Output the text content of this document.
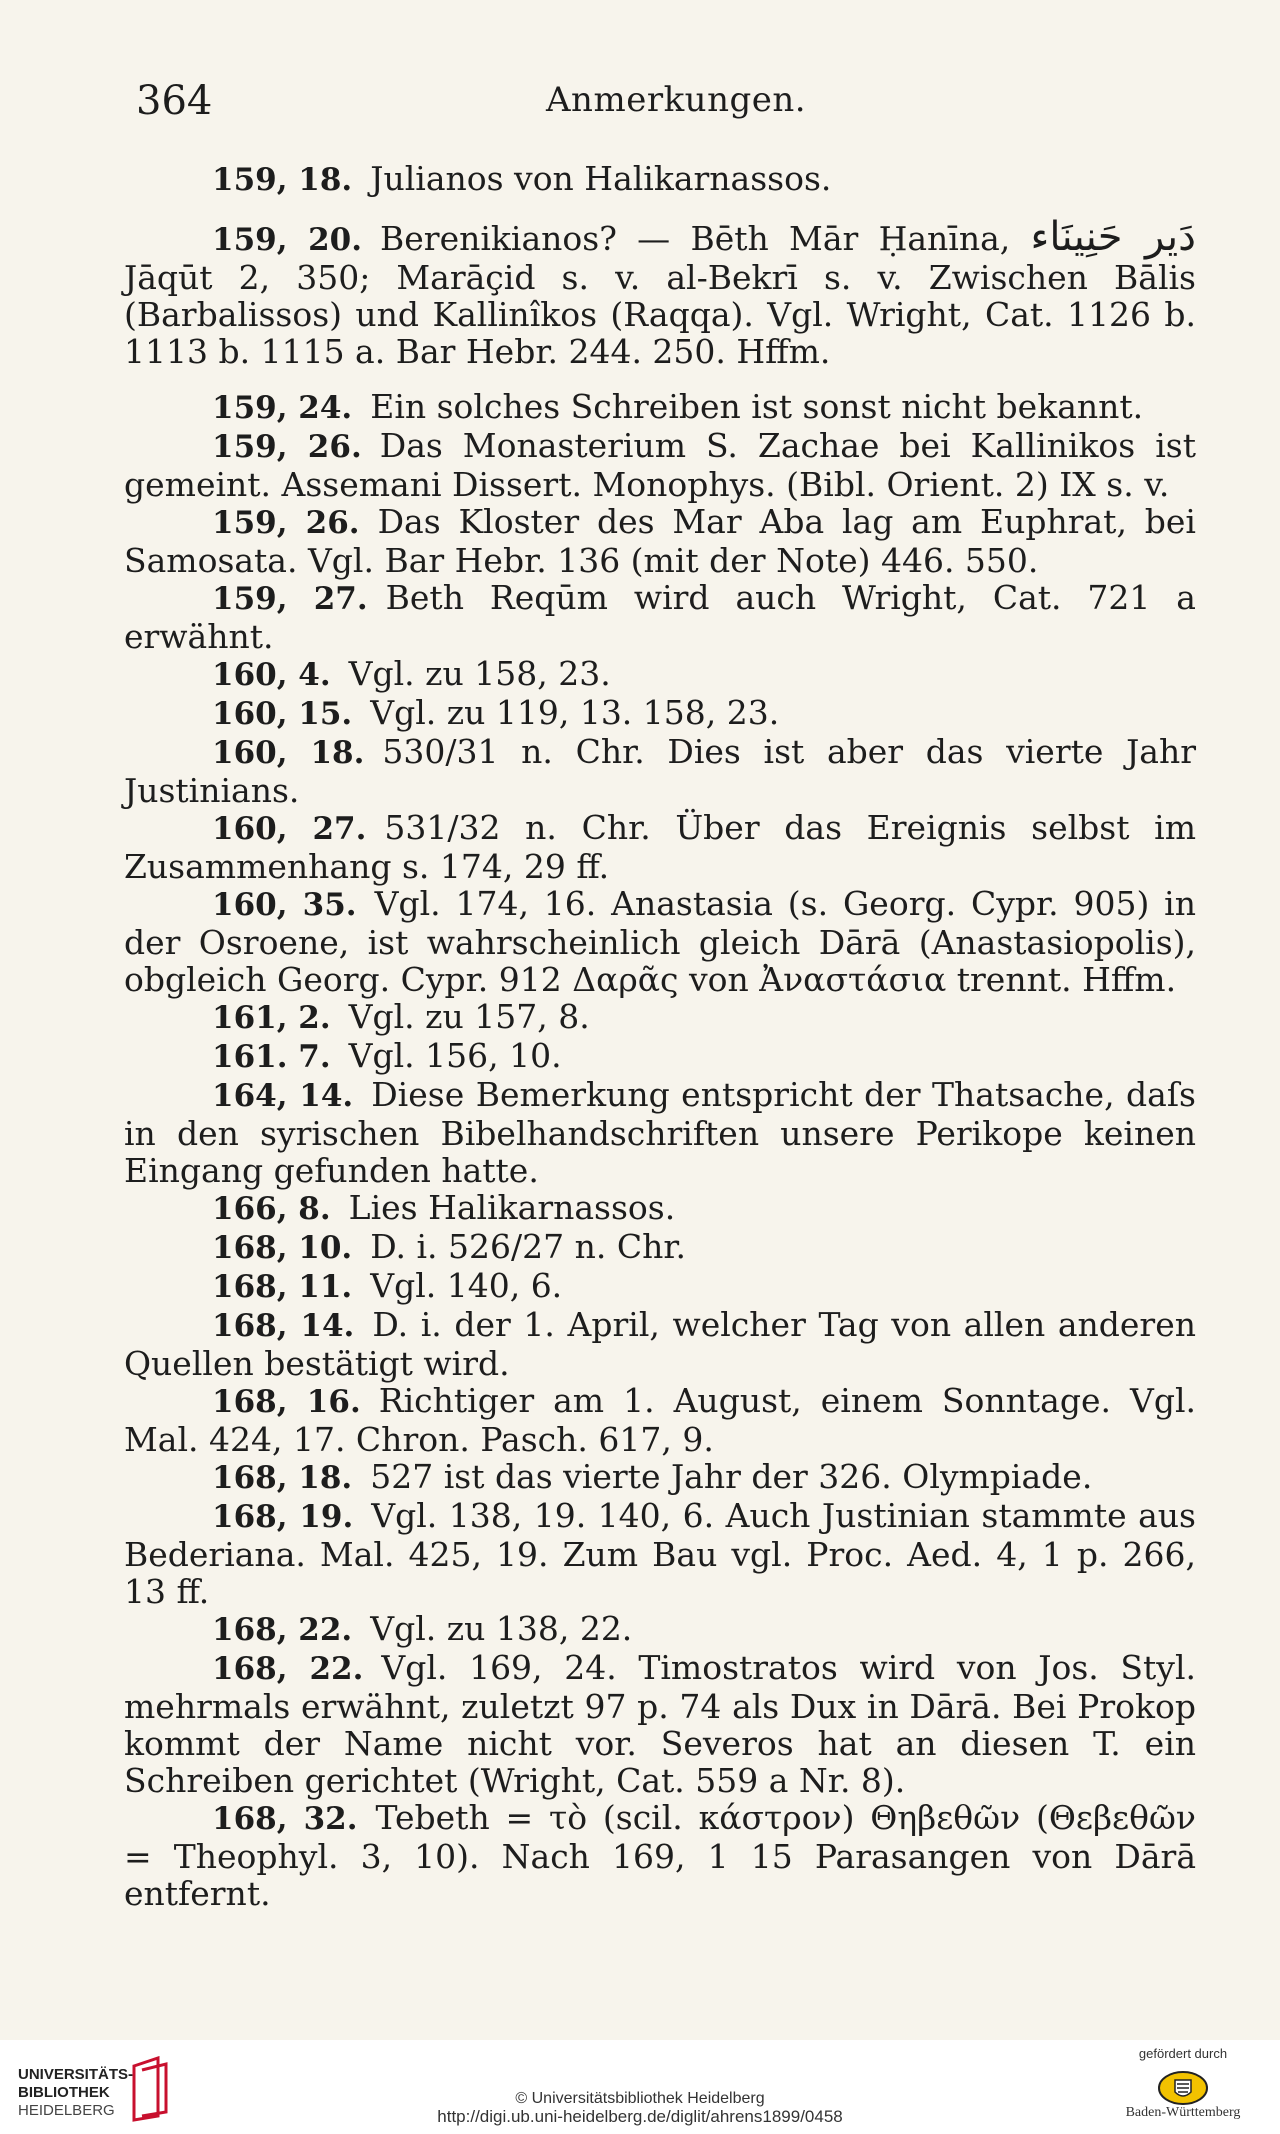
364	Anmerkungen.

159, 18. Julianos von Halikarnassos.

159, 20. Berenikianos? — Bēth Mār Ḥanīna, دَير حَنِينَاء Jāqūt 2, 350; Marāçid s. v. al-Bekrī s. v. Zwischen Bālis (Barbalissos) und Kallinîkos (Raqqa). Vgl. Wright, Cat. 1126 b. 1113 b. 1115 a. Bar Hebr. 244. 250. Hffm.

159, 24. Ein solches Schreiben ist sonst nicht bekannt.

159, 26. Das Monasterium S. Zachae bei Kallinikos ist gemeint. Assemani Dissert. Monophys. (Bibl. Orient. 2) IX s. v.

159, 26. Das Kloster des Mar Aba lag am Euphrat, bei Samosata. Vgl. Bar Hebr. 136 (mit der Note) 446. 550.

159, 27. Beth Reqūm wird auch Wright, Cat. 721 a erwähnt.

160, 4. Vgl. zu 158, 23.

160, 15. Vgl. zu 119, 13. 158, 23.

160, 18. 530/31 n. Chr. Dies ist aber das vierte Jahr Justinians.

160, 27. 531/32 n. Chr. Über das Ereignis selbst im Zusammenhang s. 174, 29 ff.

160, 35. Vgl. 174, 16. Anastasia (s. Georg. Cypr. 905) in der Osroene, ist wahrscheinlich gleich Dārā (Anastasiopolis), obgleich Georg. Cypr. 912 Δαρᾶς von Ἀναστάσια trennt. Hffm.

161, 2. Vgl. zu 157, 8.

161. 7. Vgl. 156, 10.

164, 14. Diese Bemerkung entspricht der Thatsache, daſs in den syrischen Bibelhandschriften unsere Perikope keinen Eingang gefunden hatte.

166, 8. Lies Halikarnassos.

168, 10. D. i. 526/27 n. Chr.

168, 11. Vgl. 140, 6.

168, 14. D. i. der 1. April, welcher Tag von allen anderen Quellen bestätigt wird.

168, 16. Richtiger am 1. August, einem Sonntage. Vgl. Mal. 424, 17. Chron. Pasch. 617, 9.

168, 18. 527 ist das vierte Jahr der 326. Olympiade.

168, 19. Vgl. 138, 19. 140, 6. Auch Justinian stammte aus Bederiana. Mal. 425, 19. Zum Bau vgl. Proc. Aed. 4, 1 p. 266, 13 ff.

168, 22. Vgl. zu 138, 22.

168, 22. Vgl. 169, 24. Timostratos wird von Jos. Styl. mehrmals erwähnt, zuletzt 97 p. 74 als Dux in Dārā. Bei Prokop kommt der Name nicht vor. Severos hat an diesen T. ein Schreiben gerichtet (Wright, Cat. 559 a Nr. 8).

168, 32. Tebeth = τὸ (scil. κάστρον) Θηβεθῶν (Θεβεθῶν = Theophyl. 3, 10). Nach 169, 1 15 Parasangen von Dārā entfernt.

UNIVERSITÄTS-
BIBLIOTHEK
HEIDELBERG
© Universitätsbibliothek Heidelberg
http://digi.ub.uni-heidelberg.de/diglit/ahrens1899/0458
gefördert durch
Baden-Württemberg
